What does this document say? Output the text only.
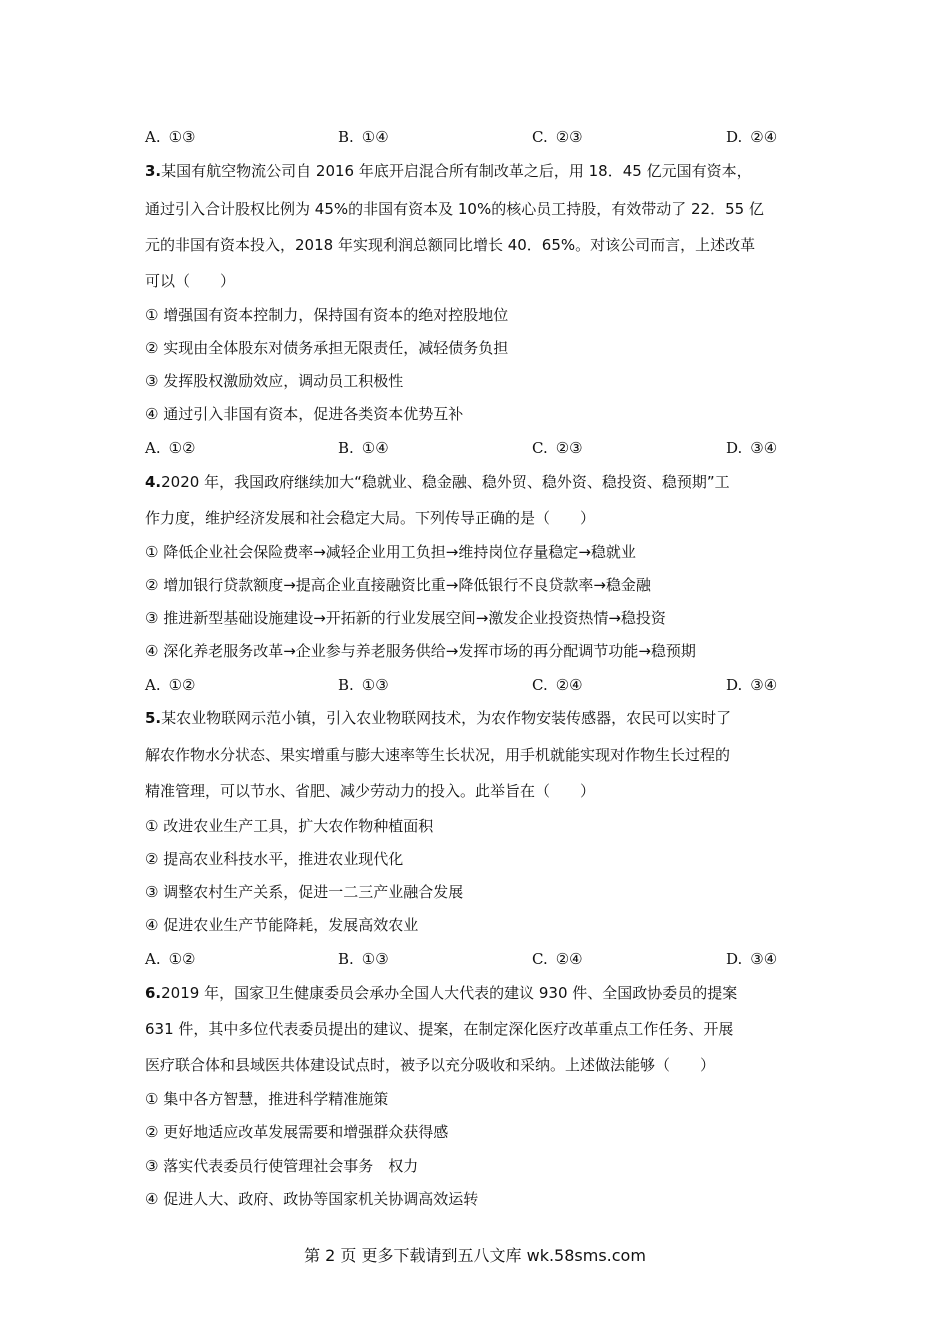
A. ①③	B. ①④	C. ②③	D. ②④
3.某国有航空物流公司自 2016 年底开启混合所有制改革之后，用 18．45 亿元国有资本，
通过引入合计股权比例为 45%的非国有资本及 10%的核心员工持股，有效带动了 22．55 亿
元的非国有资本投入，2018 年实现利润总额同比增长 40．65%。对该公司而言，上述改革
可以（　　）
① 增强国有资本控制力，保持国有资本的绝对控股地位
② 实现由全体股东对债务承担无限责任，减轻债务负担
③ 发挥股权激励效应，调动员工积极性
④ 通过引入非国有资本，促进各类资本优势互补
A. ①②	B. ①④	C. ②③	D. ③④
4.2020 年，我国政府继续加大“稳就业、稳金融、稳外贸、稳外资、稳投资、稳预期”工
作力度，维护经济发展和社会稳定大局。下列传导正确的是（　　）
① 降低企业社会保险费率→减轻企业用工负担→维持岗位存量稳定→稳就业
② 增加银行贷款额度→提高企业直接融资比重→降低银行不良贷款率→稳金融
③ 推进新型基础设施建设→开拓新的行业发展空间→激发企业投资热情→稳投资
④ 深化养老服务改革→企业参与养老服务供给→发挥市场的再分配调节功能→稳预期
A. ①②	B. ①③	C. ②④	D. ③④
5.某农业物联网示范小镇，引入农业物联网技术，为农作物安装传感器，农民可以实时了
解农作物水分状态、果实增重与膨大速率等生长状况，用手机就能实现对作物生长过程的
精准管理，可以节水、省肥、减少劳动力的投入。此举旨在（　　）
① 改进农业生产工具，扩大农作物种植面积
② 提高农业科技水平，推进农业现代化
③ 调整农村生产关系，促进一二三产业融合发展
④ 促进农业生产节能降耗，发展高效农业
A. ①②	B. ①③	C. ②④	D. ③④
6.2019 年，国家卫生健康委员会承办全国人大代表的建议 930 件、全国政协委员的提案
631 件，其中多位代表委员提出的建议、提案，在制定深化医疗改革重点工作任务、开展
医疗联合体和县域医共体建设试点时，被予以充分吸收和采纳。上述做法能够（　　）
① 集中各方智慧，推进科学精准施策
② 更好地适应改革发展需要和增强群众获得感
③ 落实代表委员行使管理社会事务　权力
④ 促进人大、政府、政协等国家机关协调高效运转
第 2 页 更多下载请到五八文库 wk.58sms.com
